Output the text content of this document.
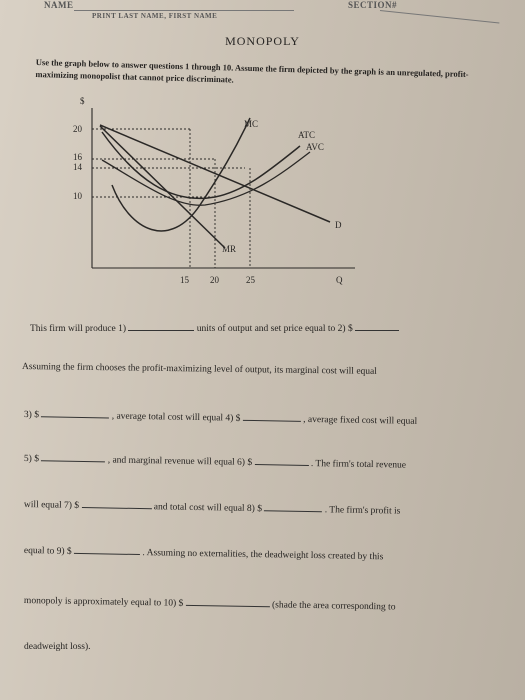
NAME
PRINT LAST NAME, FIRST NAME
SECTION#
MONOPOLY
Use the graph below to answer questions 1 through 10. Assume the firm depicted by the graph is an unregulated, profit-maximizing monopolist that cannot price discriminate.
$
Q
20
16
14
10
15 20	25
MC
ATC
AVC
D
MR
This firm will produce 1)	units of output and set price equal to 2) $
Assuming the firm chooses the profit-maximizing level of output, its marginal cost will equal
3) $	, average total cost will equal 4) $	, average fixed cost will equal
5) $	, and marginal revenue will equal 6) $	. The firm's total revenue
will equal 7) $	and total cost will equal 8) $	. The firm's profit is
equal to 9) $	. Assuming no externalities, the deadweight loss created by this
monopoly is approximately equal to 10) $	(shade the area corresponding to
deadweight loss).
